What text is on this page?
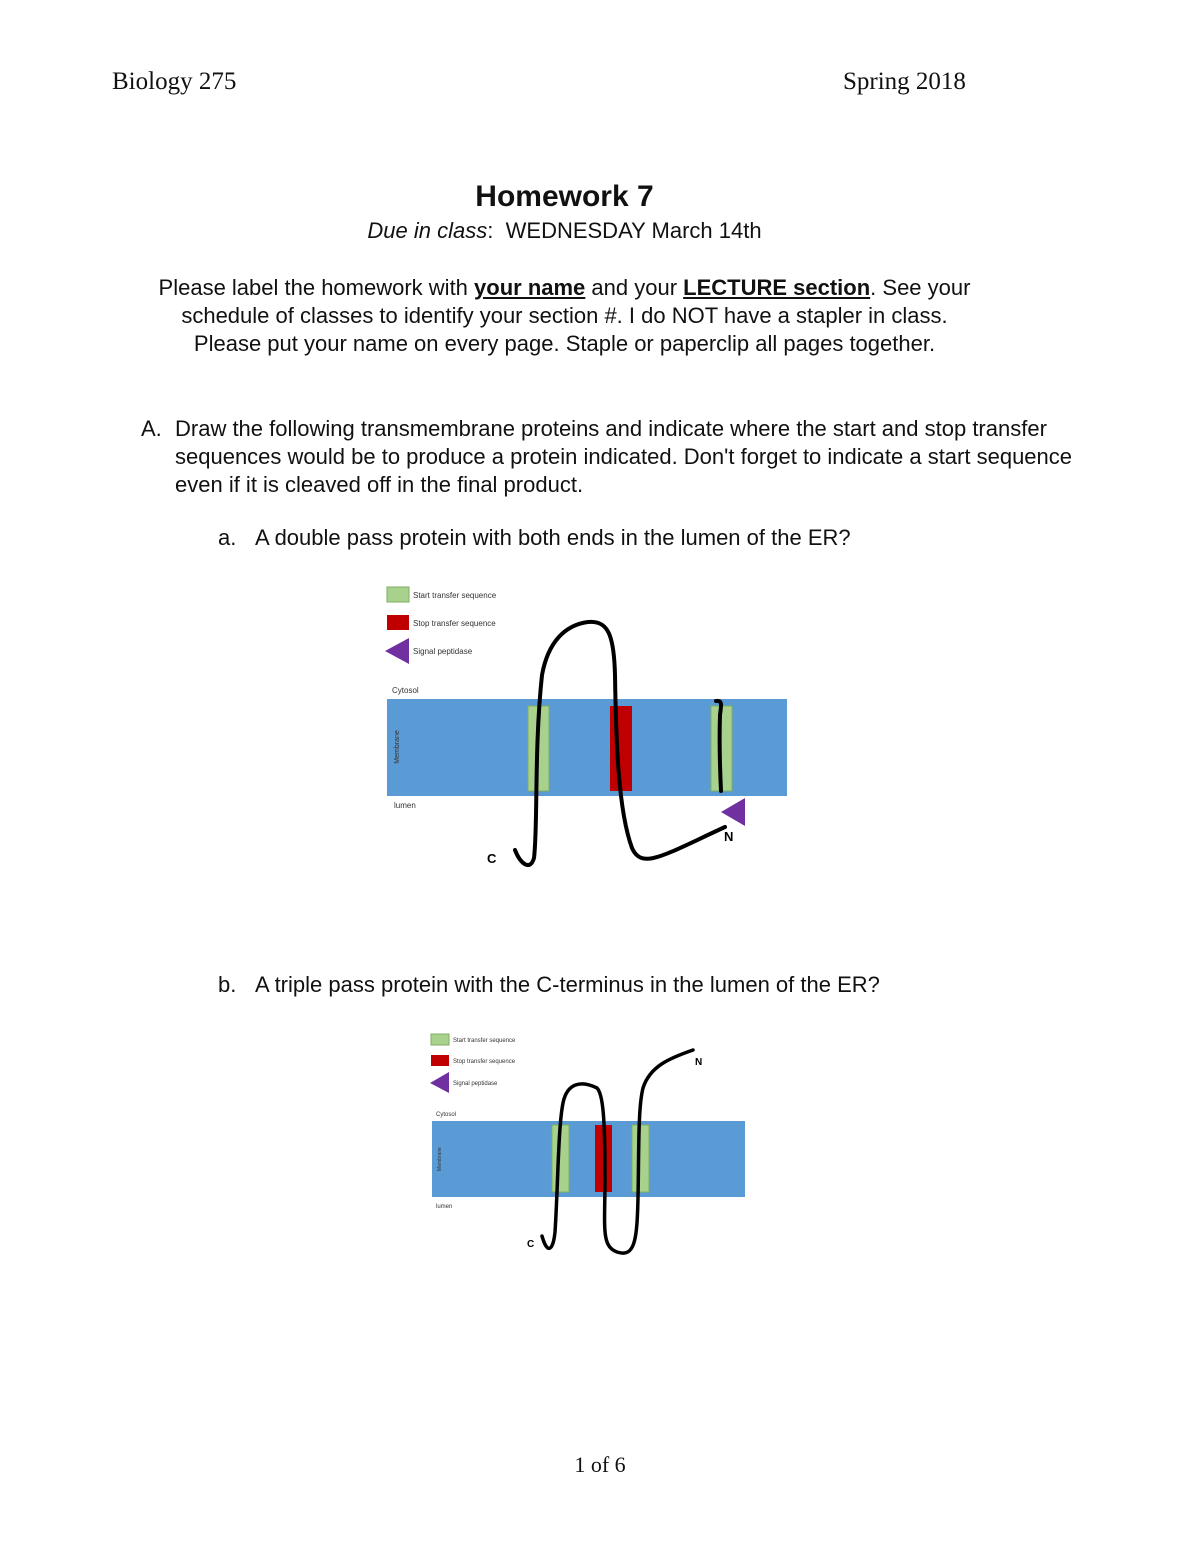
Biology 275	Spring 2018
Homework 7
Due in class: WEDNESDAY March 14th
Please label the homework with your name and your LECTURE section. See your
schedule of classes to identify your section #. I do NOT have a stapler in class.
Please put your name on every page. Staple or paperclip all pages together.
A. Draw the following transmembrane proteins and indicate where the start and stop transfer sequences would be to produce a protein indicated. Don't forget to indicate a start sequence even if it is cleaved off in the final product.
a. A double pass protein with both ends in the lumen of the ER?
Start transfer sequence
Stop transfer sequence
Signal peptidase
Cytosol
Membrane
lumen
C
N
b. A triple pass protein with the C-terminus in the lumen of the ER?
Start transfer sequence
Stop transfer sequence
Signal peptidase
Cytosol
Membrane
lumen
C
N
1 of 6
